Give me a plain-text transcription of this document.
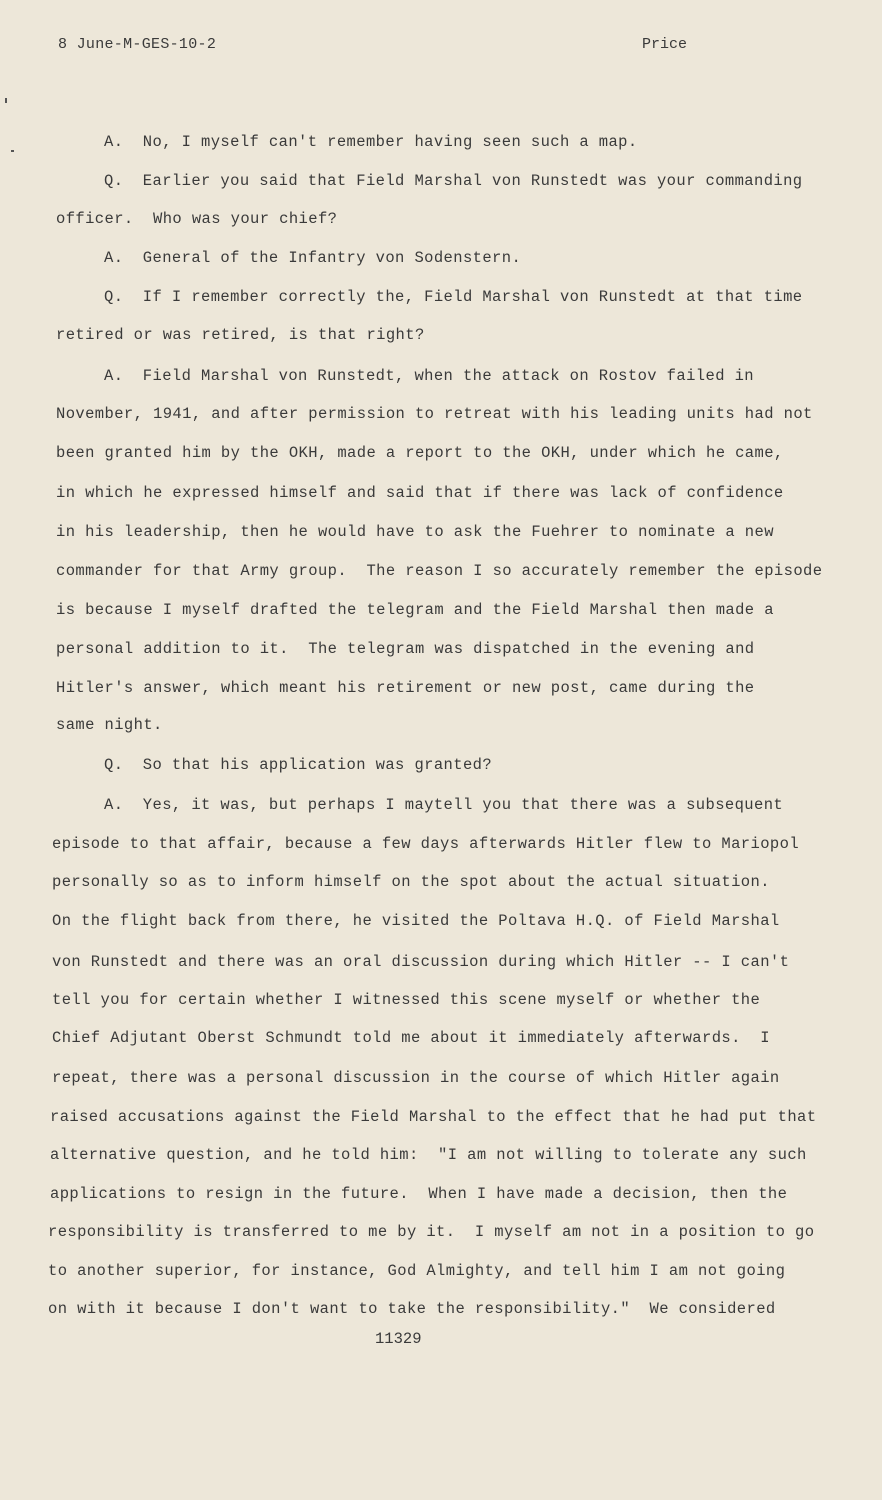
8 June-M-GES-10-2	Price
A.  No, I myself can't remember having seen such a map.
Q.  Earlier you said that Field Marshal von Runstedt was your commanding
officer.  Who was your chief?
A.  General of the Infantry von Sodenstern.
Q.  If I remember correctly the, Field Marshal von Runstedt at that time
retired or was retired, is that right?
A.  Field Marshal von Runstedt, when the attack on Rostov failed in
November, 1941, and after permission to retreat with his leading units had not
been granted him by the OKH, made a report to the OKH, under which he came,
in which he expressed himself and said that if there was lack of confidence
in his leadership, then he would have to ask the Fuehrer to nominate a new
commander for that Army group.  The reason I so accurately remember the episode
is because I myself drafted the telegram and the Field Marshal then made a
personal addition to it.  The telegram was dispatched in the evening and
Hitler's answer, which meant his retirement or new post, came during the
same night.
Q.  So that his application was granted?
A.  Yes, it was, but perhaps I maytell you that there was a subsequent
episode to that affair, because a few days afterwards Hitler flew to Mariopol
personally so as to inform himself on the spot about the actual situation.
On the flight back from there, he visited the Poltava H.Q. of Field Marshal
von Runstedt and there was an oral discussion during which Hitler -- I can't
tell you for certain whether I witnessed this scene myself or whether the
Chief Adjutant Oberst Schmundt told me about it immediately afterwards.  I
repeat, there was a personal discussion in the course of which Hitler again
raised accusations against the Field Marshal to the effect that he had put that
alternative question, and he told him:  "I am not willing to tolerate any such
applications to resign in the future.  When I have made a decision, then the
responsibility is transferred to me by it.  I myself am not in a position to go
to another superior, for instance, God Almighty, and tell him I am not going
on with it because I don't want to take the responsibility."  We considered
11329
